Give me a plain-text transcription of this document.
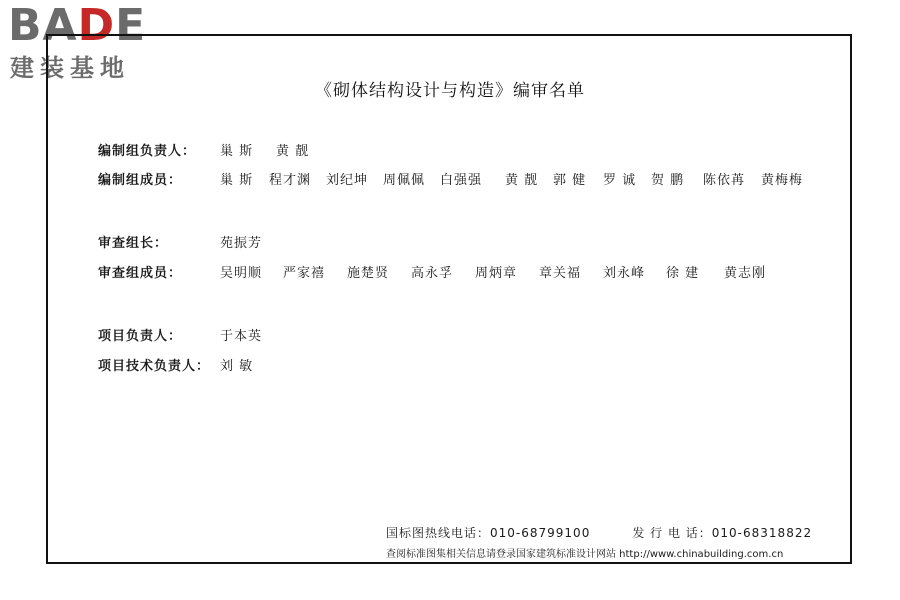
BADE
建装基地
《砌体结构设计与构造》编审名单
编制组负责人： 巢 斯 黄 靓
编制组成员：	巢 斯 程才渊 刘纪坤 周佩佩 白强强 黄 靓 郭 健 罗 诚 贺 鹏 陈依苒 黄梅梅
审查组长：	苑振芳
审查组成员：	吴明顺 严家禧 施楚贤 高永孚 周炳章 章关福 刘永峰 徐 建 黄志刚
项目负责人：	于本英
项目技术负责人： 刘 敏
国标图热线电话：010-68799100	发 行 电 话：010-68318822
查阅标准图集相关信息请登录国家建筑标准设计网站 http://www.chinabuilding.com.cn
